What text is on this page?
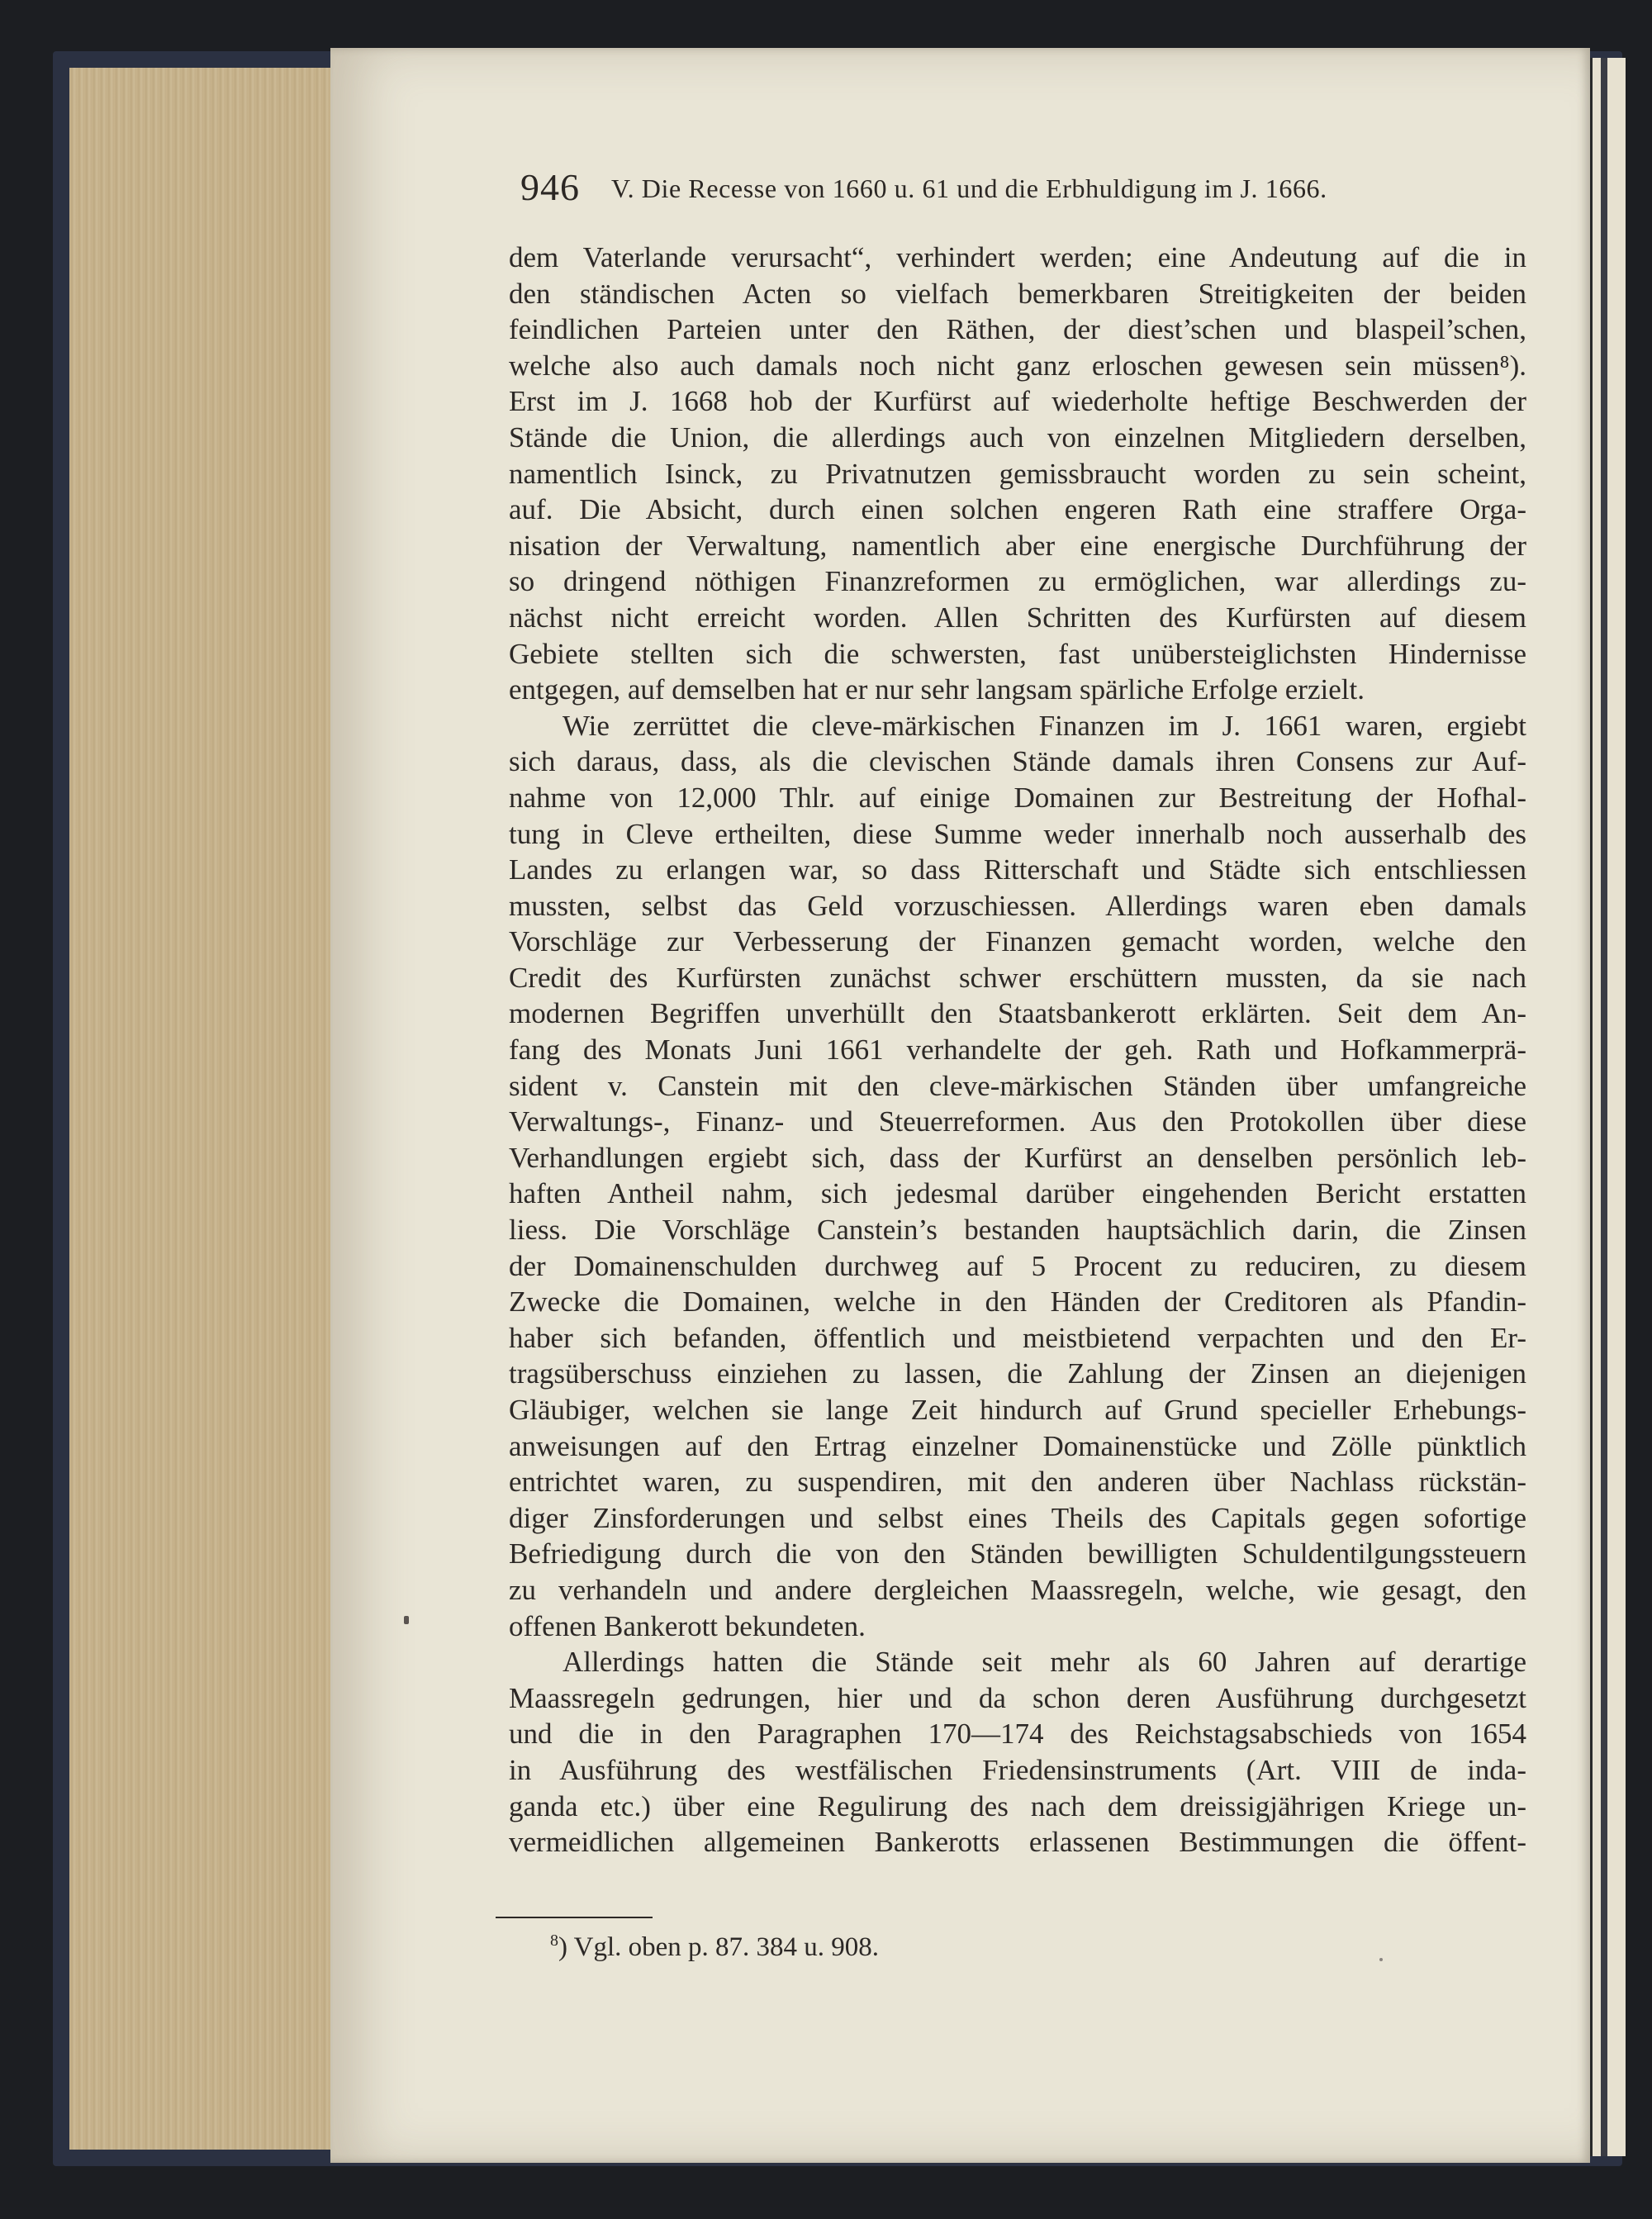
946 V. Die Recesse von 1660 u. 61 und die Erbhuldigung im J. 1666.
dem Vaterlande verursacht“, verhindert werden; eine Andeutung auf die in
den ständischen Acten so vielfach bemerkbaren Streitigkeiten der beiden
feindlichen Parteien unter den Räthen, der diest’schen und blaspeil’schen,
welche also auch damals noch nicht ganz erloschen gewesen sein müssen⁸).
Erst im J. 1668 hob der Kurfürst auf wiederholte heftige Beschwerden der
Stände die Union, die allerdings auch von einzelnen Mitgliedern derselben,
namentlich Isinck, zu Privatnutzen gemissbraucht worden zu sein scheint,
auf. Die Absicht, durch einen solchen engeren Rath eine straffere Orga-
nisation der Verwaltung, namentlich aber eine energische Durchführung der
so dringend nöthigen Finanzreformen zu ermöglichen, war allerdings zu-
nächst nicht erreicht worden. Allen Schritten des Kurfürsten auf diesem
Gebiete stellten sich die schwersten, fast unübersteiglichsten Hindernisse
entgegen, auf demselben hat er nur sehr langsam spärliche Erfolge erzielt.
Wie zerrüttet die cleve-märkischen Finanzen im J. 1661 waren, ergiebt
sich daraus, dass, als die clevischen Stände damals ihren Consens zur Auf-
nahme von 12,000 Thlr. auf einige Domainen zur Bestreitung der Hofhal-
tung in Cleve ertheilten, diese Summe weder innerhalb noch ausserhalb des
Landes zu erlangen war, so dass Ritterschaft und Städte sich entschliessen
mussten, selbst das Geld vorzuschiessen. Allerdings waren eben damals
Vorschläge zur Verbesserung der Finanzen gemacht worden, welche den
Credit des Kurfürsten zunächst schwer erschüttern mussten, da sie nach
modernen Begriffen unverhüllt den Staatsbankerott erklärten. Seit dem An-
fang des Monats Juni 1661 verhandelte der geh. Rath und Hofkammerprä-
sident v. Canstein mit den cleve-märkischen Ständen über umfangreiche
Verwaltungs-, Finanz- und Steuerreformen. Aus den Protokollen über diese
Verhandlungen ergiebt sich, dass der Kurfürst an denselben persönlich leb-
haften Antheil nahm, sich jedesmal darüber eingehenden Bericht erstatten
liess. Die Vorschläge Canstein’s bestanden hauptsächlich darin, die Zinsen
der Domainenschulden durchweg auf 5 Procent zu reduciren, zu diesem
Zwecke die Domainen, welche in den Händen der Creditoren als Pfandin-
haber sich befanden, öffentlich und meistbietend verpachten und den Er-
tragsüberschuss einziehen zu lassen, die Zahlung der Zinsen an diejenigen
Gläubiger, welchen sie lange Zeit hindurch auf Grund specieller Erhebungs-
anweisungen auf den Ertrag einzelner Domainenstücke und Zölle pünktlich
entrichtet waren, zu suspendiren, mit den anderen über Nachlass rückstän-
diger Zinsforderungen und selbst eines Theils des Capitals gegen sofortige
Befriedigung durch die von den Ständen bewilligten Schuldentilgungssteuern
zu verhandeln und andere dergleichen Maassregeln, welche, wie gesagt, den
offenen Bankerott bekundeten.
Allerdings hatten die Stände seit mehr als 60 Jahren auf derartige
Maassregeln gedrungen, hier und da schon deren Ausführung durchgesetzt
und die in den Paragraphen 170—174 des Reichstagsabschieds von 1654
in Ausführung des westfälischen Friedensinstruments (Art. VIII de inda-
ganda etc.) über eine Regulirung des nach dem dreissigjährigen Kriege un-
vermeidlichen allgemeinen Bankerotts erlassenen Bestimmungen die öffent-
$^8$) Vgl. oben p. 87. 384 u. 908.
